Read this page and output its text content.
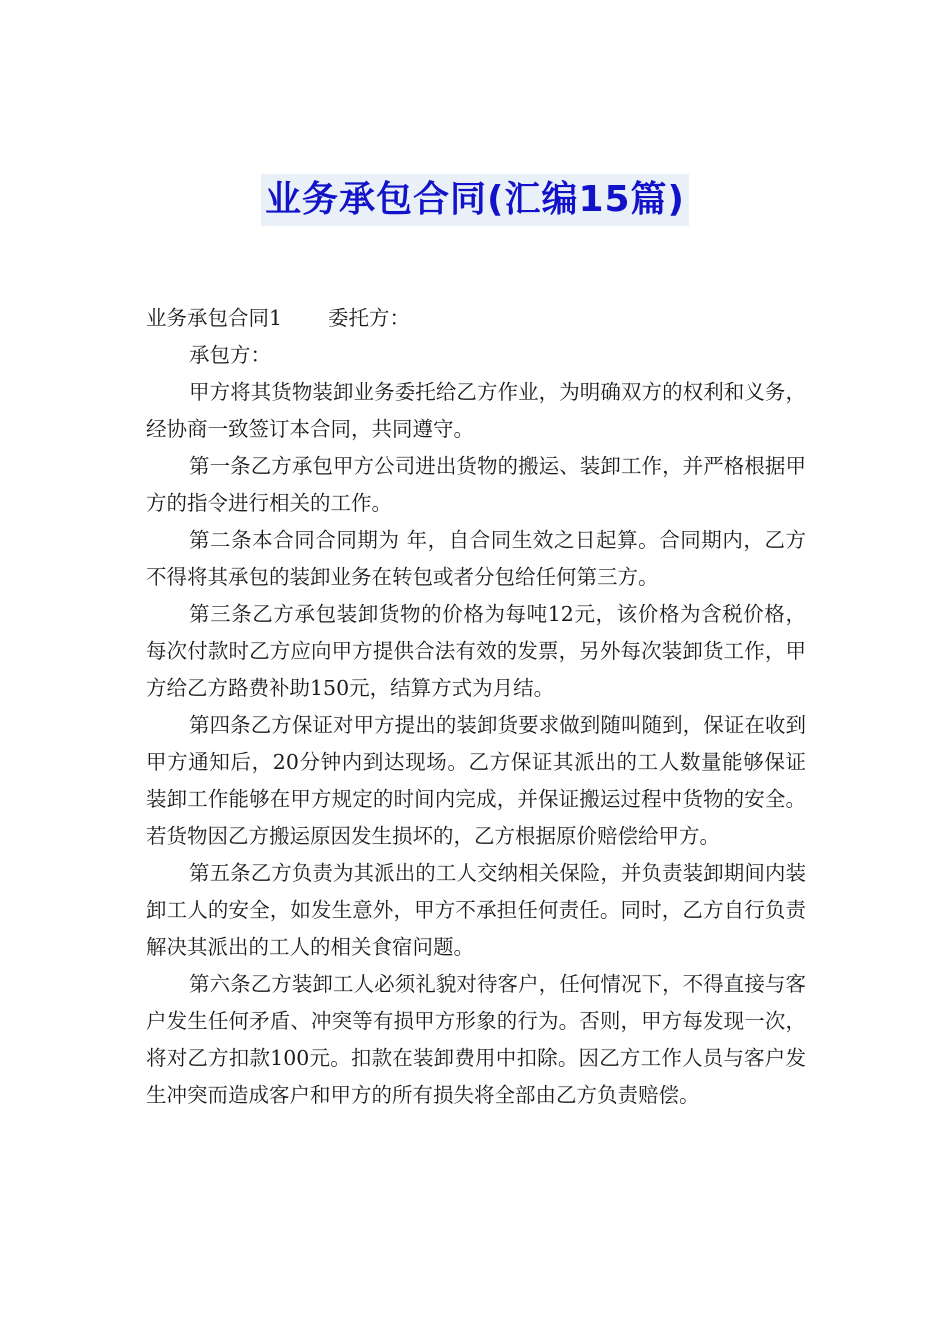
业务承包合同(汇编15篇)

业务承包合同1 委托方：

承包方：

甲方将其货物装卸业务委托给乙方作业，为明确双方的权利和义务，经协商一致签订本合同，共同遵守。

第一条乙方承包甲方公司进出货物的搬运、装卸工作，并严格根据甲方的指令进行相关的工作。

第二条本合同合同期为 年，自合同生效之日起算。合同期内，乙方不得将其承包的装卸业务在转包或者分包给任何第三方。

第三条乙方承包装卸货物的价格为每吨12元，该价格为含税价格，每次付款时乙方应向甲方提供合法有效的发票，另外每次装卸货工作，甲方给乙方路费补助150元，结算方式为月结。

第四条乙方保证对甲方提出的装卸货要求做到随叫随到，保证在收到甲方通知后，20分钟内到达现场。乙方保证其派出的工人数量能够保证装卸工作能够在甲方规定的时间内完成，并保证搬运过程中货物的安全。若货物因乙方搬运原因发生损坏的，乙方根据原价赔偿给甲方。

第五条乙方负责为其派出的工人交纳相关保险，并负责装卸期间内装卸工人的安全，如发生意外，甲方不承担任何责任。同时，乙方自行负责解决其派出的工人的相关食宿问题。

第六条乙方装卸工人必须礼貌对待客户，任何情况下，不得直接与客户发生任何矛盾、冲突等有损甲方形象的行为。否则，甲方每发现一次，将对乙方扣款100元。扣款在装卸费用中扣除。因乙方工作人员与客户发生冲突而造成客户和甲方的所有损失将全部由乙方负责赔偿。
